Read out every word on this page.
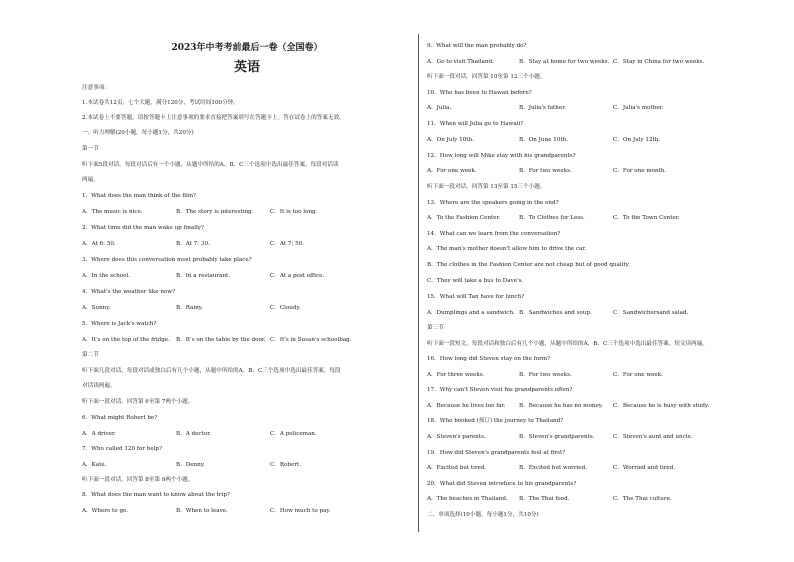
2023年中考考前最后一卷（全国卷）
英语
注意事项：
1.本试卷共12页，七个大题，满分120分，考试时间100分钟。
2.本试卷上不要答题，请按答题卡上注意事项的要求直接把答案填写在答题卡上。答在试卷上的答案无效。
一、听力理解(20小题，每小题1分，共20分)
第一节
听下面5段对话。每段对话后有一个小题，从题中所给的A、B、C三个选项中选出最佳答案。每段对话读
两遍。
1．What does the man think of the film?
A．The music is nice.	B．The story is interesting.	C．It is too long.
2．What time did the man wake up finally?
A．At 6: 50.	B．At 7: 30.	C．At 7: 50.
3．Where does this conversation most probably take place?
A．In the school.	B．In a restaurant.	C．At a post office.
4．What's the weather like now?
A．Sunny.	B．Rainy.	C．Cloudy.
5．Where is Jack's watch?
A．It's on the top of the fridge. B．It's on the table by the door. C．It's in Susan's schoolbag.
第二节
听下面几段对话。每段对话或独白后有几个小题，从题中所给的A、B、C三个选项中选出最佳答案。每段
对话读两遍。
听下面一段对话，回答第 6至第 7两个小题。
6．What might Robert be?
A．A driver.	B．A doctor.	C．A policeman.
7．Who called 120 for help?
A．Kate.	B．Denny.	C．Robert.
听下面一段对话，回答第 8至第 9两个小题。
8．What does the man want to know about the trip?
A．Where to go.	B．When to leave.	C．How much to pay.
9．What will the man probably do?
A．Go to visit Thailand.	B．Stay at home for two weeks. C．Stay in China for two weeks.
听下面一段对话，回答第 10至第 12三个小题。
10．Who has been to Hawaii before?
A．Julia.	B．Julia's father.	C．Julia's mother.
11．When will Julia go to Hawaii?
A．On July 10th.	B．On June 10th.	C．On July 12th.
12．How long will Mike stay with his grandparents?
A．For one week.	B．For two weeks.	C．For one month.
听下面一段对话，回答第 13至第 15三个小题。
13．Where are the speakers going in the end?
A．To the Fashion Center.	B．To Clothes for Less.	C．To the Town Center.
14．What can we learn from the conversation?
A．The man's mother doesn't allow him to drive the car.
B．The clothes in the Fashion Center are not cheap but of good quality.
C．They will take a bus to Dave's.
15．What will Tan have for lunch?
A．Dumplings and a sandwich. B．Sandwiches and soup.	C．Sandwichersand salad.
第三节
听下面一段短文。每段对话和独白后有几个小题，从题中所给的A、B、C三个选项中选出最佳答案。短文读两遍。
16．How long did Steven stay on the form?
A．For three weeks.	B．For two weeks.	C．For one week.
17．Why can't Steven visit his grandparents often?
A．Because he lives too far. B．Because he has no money. C．Because he is busy with study.
18．Who booked (预订) the journey to Thailand?
A．Steven's parents.	B．Steven's grandparents.	C．Steven's aunt and uncle.
19．How did Steven's grandparents feel at first?
A．Excited but tired.	B．Excited but worried.	C．Worried and tired.
20．What did Steven introduce to his grandparents?
A．The beaches in Thailand. B．The Thai food.	C．The Thai culture.
二、单项选择(10小题，每小题1分，共10分)
